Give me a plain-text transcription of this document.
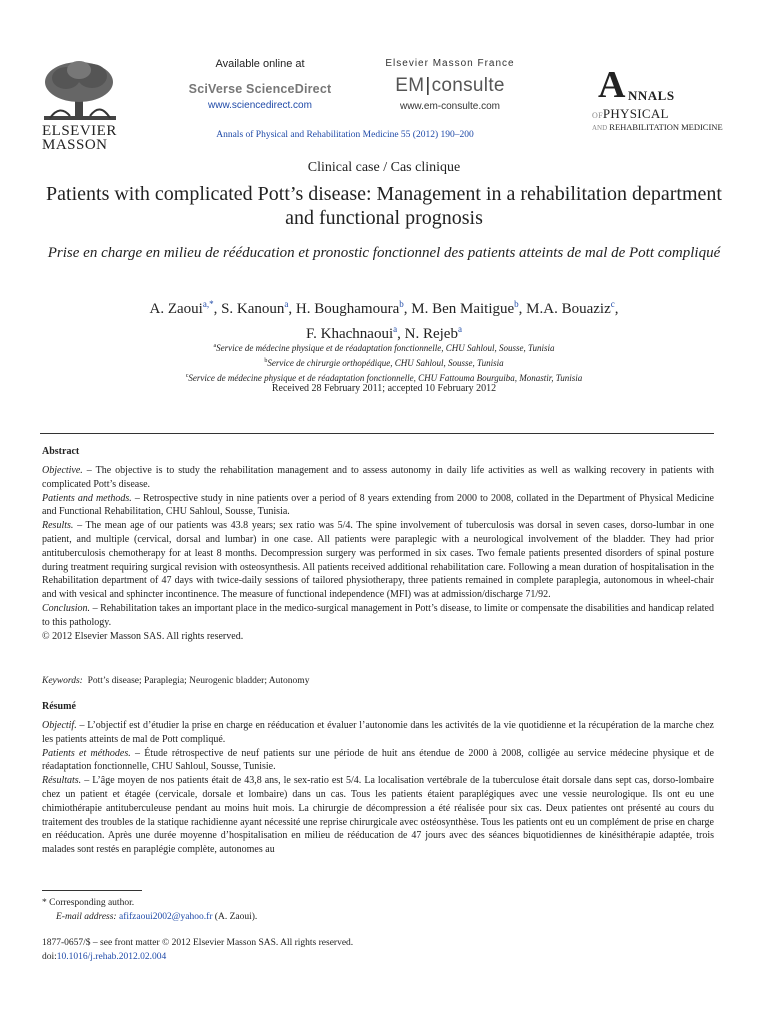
ELSEVIER
MASSON
Available online at
SciVerse ScienceDirect
www.sciencedirect.com
Elsevier Masson France
EM|consulte
www.em-consulte.com
Annals of Physical and Rehabilitation Medicine 55 (2012) 190–200
A NNALS
OFPHYSICAL
AND REHABILITATION MEDICINE
Clinical case / Cas clinique
Patients with complicated Pott’s disease: Management in a rehabilitation department and functional prognosis
Prise en charge en milieu de rééducation et pronostic fonctionnel des patients atteints de mal de Pott compliqué
A. Zaoui$^{a,*}$, S. Kanoun$^a$, H. Boughamoura$^b$, M. Ben Maitigue$^b$, M.A. Bouaziz$^c$,
F. Khachnaoui$^a$, N. Rejeb$^a$
$^a$Service de médecine physique et de réadaptation fonctionnelle, CHU Sahloul, Sousse, Tunisia
$^b$Service de chirurgie orthopédique, CHU Sahloul, Sousse, Tunisia
$^c$Service de médecine physique et de réadaptation fonctionnelle, CHU Fattouma Bourguiba, Monastir, Tunisia
Received 28 February 2011; accepted 10 February 2012
Abstract

Objective. – The objective is to study the rehabilitation management and to assess autonomy in daily life activities as well as walking recovery in patients with complicated Pott’s disease.

Patients and methods. – Retrospective study in nine patients over a period of 8 years extending from 2000 to 2008, collated in the Department of Physical Medicine and Functional Rehabilitation, CHU Sahloul, Sousse, Tunisia.

Results. – The mean age of our patients was 43.8 years; sex ratio was 5/4. The spine involvement of tuberculosis was dorsal in seven cases, dorso-lumbar in one patient, and multiple (cervical, dorsal and lumbar) in one case. All patients were paraplegic with a neurological involvement of the bladder. They had prior antituberculosis chemotherapy for at least 8 months. Decompression surgery was performed in six cases. Two female patients presented disorders of spinal posture during treatment requiring surgical revision with osteosynthesis. All patients received additional rehabilitation care. Following a mean duration of hospitalisation in the Rehabilitation department of 47 days with twice-daily sessions of tailored physiotherapy, three patients remained in complete paraplegia, autonomous in wheel-chair and with vesical and sphincter incontinence. The measure of functional independence (MFI) was at admission/discharge 71/92.

Conclusion. – Rehabilitation takes an important place in the medico-surgical management in Pott’s disease, to limite or compensate the disabilities and handicap related to this pathology.

© 2012 Elsevier Masson SAS. All rights reserved.

Keywords: Pott’s disease; Paraplegia; Neurogenic bladder; Autonomy
Résumé

Objectif. – L’objectif est d’étudier la prise en charge en rééducation et évaluer l’autonomie dans les activités de la vie quotidienne et la récupération de la marche chez les patients atteints de mal de Pott compliqué.

Patients et méthodes. – Étude rétrospective de neuf patients sur une période de huit ans étendue de 2000 à 2008, colligée au service médecine physique et de réadaptation fonctionnelle, CHU Sahloul, Sousse, Tunisie.

Résultats. – L’âge moyen de nos patients était de 43,8 ans, le sex-ratio est 5/4. La localisation vertébrale de la tuberculose était dorsale dans sept cas, dorso-lombaire chez un patient et étagée (cervicale, dorsale et lombaire) dans un cas. Tous les patients étaient paraplégiques avec une vessie neurologique. Ils ont eu une chimiothérapie antituberculeuse pendant au moins huit mois. La chirurgie de décompression a été réalisée pour six cas. Deux patientes ont présenté au cours du traitement des troubles de la statique rachidienne ayant nécessité une reprise chirurgicale avec ostéosynthèse. Tous les patients ont eu un complément de prise en charge en rééducation. Après une durée moyenne d’hospitalisation en milieu de rééducation de 47 jours avec des séances biquotidiennes de kinésithérapie adaptée, trois malades sont restés en paraplégie complète, autonomes au

* Corresponding author.
E-mail address: afifzaoui2002@yahoo.fr (A. Zaoui).
1877-0657/$ – see front matter © 2012 Elsevier Masson SAS. All rights reserved.
doi:10.1016/j.rehab.2012.02.004
